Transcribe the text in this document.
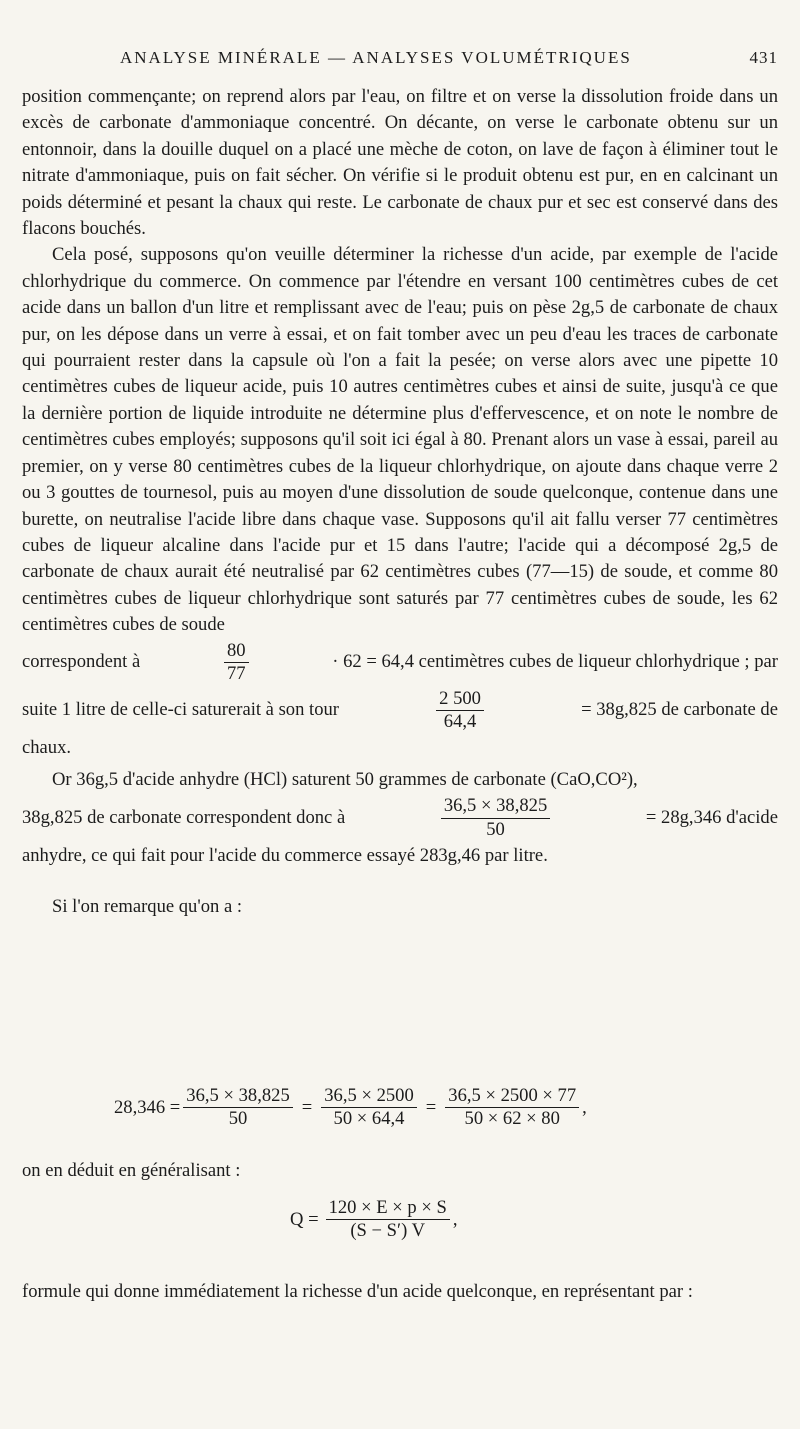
ANALYSE MINÉRALE — ANALYSES VOLUMÉTRIQUES	431

position commençante; on reprend alors par l'eau, on filtre et on verse la dissolution froide dans un excès de carbonate d'ammoniaque concentré. On décante, on verse le carbonate obtenu sur un entonnoir, dans la douille duquel on a placé une mèche de coton, on lave de façon à éliminer tout le nitrate d'ammoniaque, puis on fait sécher. On vérifie si le produit obtenu est pur, en en calcinant un poids déterminé et pesant la chaux qui reste. Le carbonate de chaux pur et sec est conservé dans des flacons bouchés.

Cela posé, supposons qu'on veuille déterminer la richesse d'un acide, par exemple de l'acide chlorhydrique du commerce. On commence par l'étendre en versant 100 centimètres cubes de cet acide dans un ballon d'un litre et remplissant avec de l'eau; puis on pèse 2g,5 de carbonate de chaux pur, on les dépose dans un verre à essai, et on fait tomber avec un peu d'eau les traces de carbonate qui pourraient rester dans la capsule où l'on a fait la pesée; on verse alors avec une pipette 10 centimètres cubes de liqueur acide, puis 10 autres centimètres cubes et ainsi de suite, jusqu'à ce que la dernière portion de liquide introduite ne détermine plus d'effervescence, et on note le nombre de centimètres cubes employés; supposons qu'il soit ici égal à 80. Prenant alors un vase à essai, pareil au premier, on y verse 80 centimètres cubes de la liqueur chlorhydrique, on ajoute dans chaque verre 2 ou 3 gouttes de tournesol, puis au moyen d'une dissolution de soude quelconque, contenue dans une burette, on neutralise l'acide libre dans chaque vase. Supposons qu'il ait fallu verser 77 centimètres cubes de liqueur alcaline dans l'acide pur et 15 dans l'autre; l'acide qui a décomposé 2g,5 de carbonate de chaux aurait été neutralisé par 62 centimètres cubes (77—15) de soude, et comme 80 centimètres cubes de liqueur chlorhydrique sont saturés par 77 centimètres cubes de soude, les 62 centimètres cubes de soude

correspondent à	$\frac{80}{77}$	· 62 = 64,4 centimètres cubes de liqueur chlorhydrique ; par
suite 1 litre de celle-ci saturerait à son tour	$\frac{2 500}{64,4}$	= 38g,825 de carbonate de

chaux.

Or 36g,5 d'acide anhydre (HCl) saturent 50 grammes de carbonate (CaO,CO²),

38g,825 de carbonate correspondent donc à	$\frac{36,5 \times 38,825}{50}$	= 28g,346 d'acide

anhydre, ce qui fait pour l'acide du commerce essayé 283g,46 par litre.

Si l'on remarque qu'on a :

$28,346 = \frac{36,5 \times 38,825}{50} = \frac{36,5 \times 2500}{50 \times 64,4} = \frac{36,5 \times 2500 \times 77}{50 \times 62 \times 80}$ ,
on en déduit en généralisant :
$Q = \frac{120 \times E \times p \times S}{(S - S') V}$ ,

formule qui donne immédiatement la richesse d'un acide quelconque, en représentant par :
